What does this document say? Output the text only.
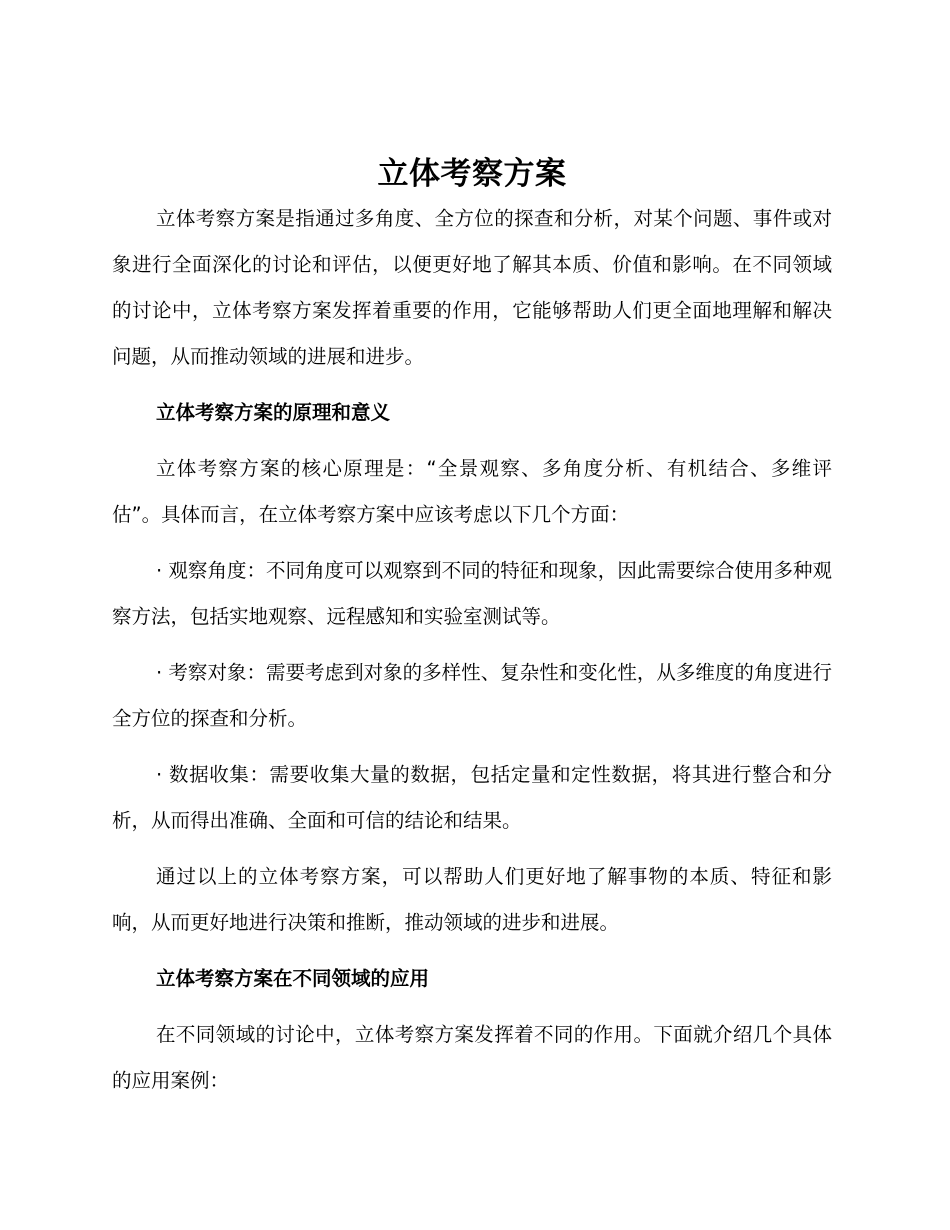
立体考察方案

立体考察方案是指通过多角度、全方位的探查和分析，对某个问题、事件或对象进行全面深化的讨论和评估，以便更好地了解其本质、价值和影响。在不同领域的讨论中，立体考察方案发挥着重要的作用，它能够帮助人们更全面地理解和解决问题，从而推动领域的进展和进步。

立体考察方案的原理和意义

立体考察方案的核心原理是：“全景观察、多角度分析、有机结合、多维评估”。具体而言，在立体考察方案中应该考虑以下几个方面：

· 观察角度：不同角度可以观察到不同的特征和现象，因此需要综合使用多种观察方法，包括实地观察、远程感知和实验室测试等。

· 考察对象：需要考虑到对象的多样性、复杂性和变化性，从多维度的角度进行全方位的探查和分析。

· 数据收集：需要收集大量的数据，包括定量和定性数据，将其进行整合和分析，从而得出准确、全面和可信的结论和结果。

通过以上的立体考察方案，可以帮助人们更好地了解事物的本质、特征和影响，从而更好地进行决策和推断，推动领域的进步和进展。

立体考察方案在不同领域的应用

在不同领域的讨论中，立体考察方案发挥着不同的作用。下面就介绍几个具体的应用案例：
